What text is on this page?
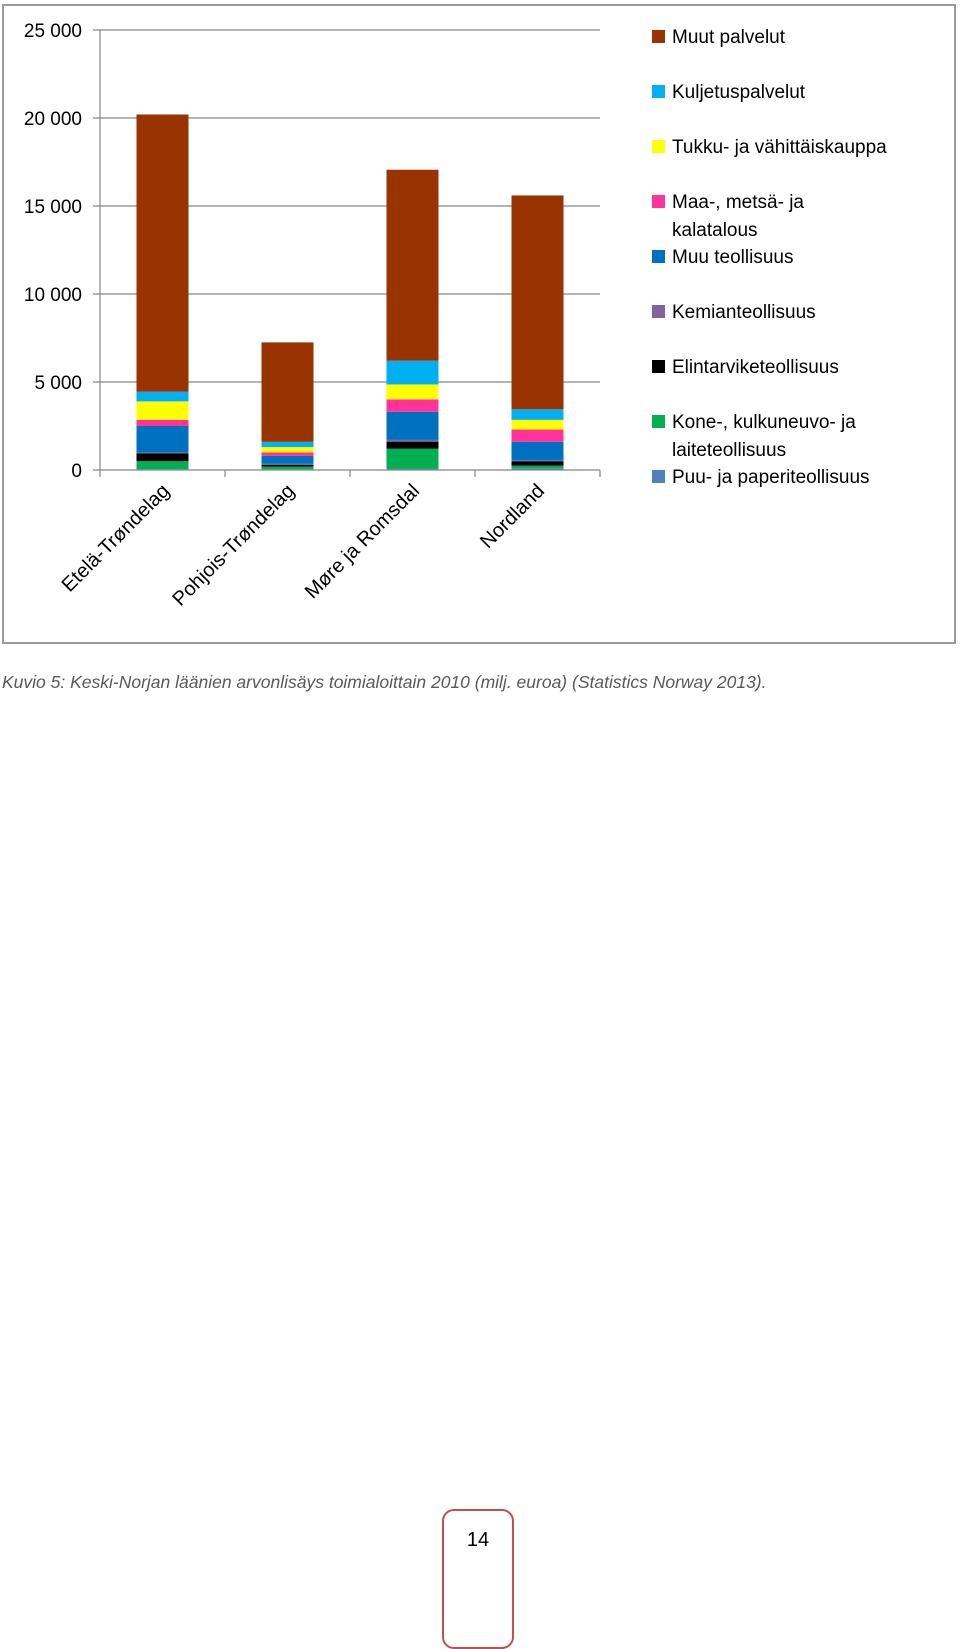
0
5 000
10 000
15 000
20 000
25 000
Etelä-Trøndelag
Pohjois-Trøndelag Møre ja Romsdal	Nordland
Muut palvelut
Kuljetuspalvelut
Tukku- ja vähittäiskauppa
Maa-, metsä- ja
kalatalous
Muu teollisuus
Kemianteollisuus
Elintarviketeollisuus
Kone-, kulkuneuvo- ja
laiteteollisuus
Puu- ja paperiteollisuus
Kuvio 5: Keski-Norjan läänien arvonlisäys toimialoittain 2010 (milj. euroa) (Statistics Norway 2013).
14
